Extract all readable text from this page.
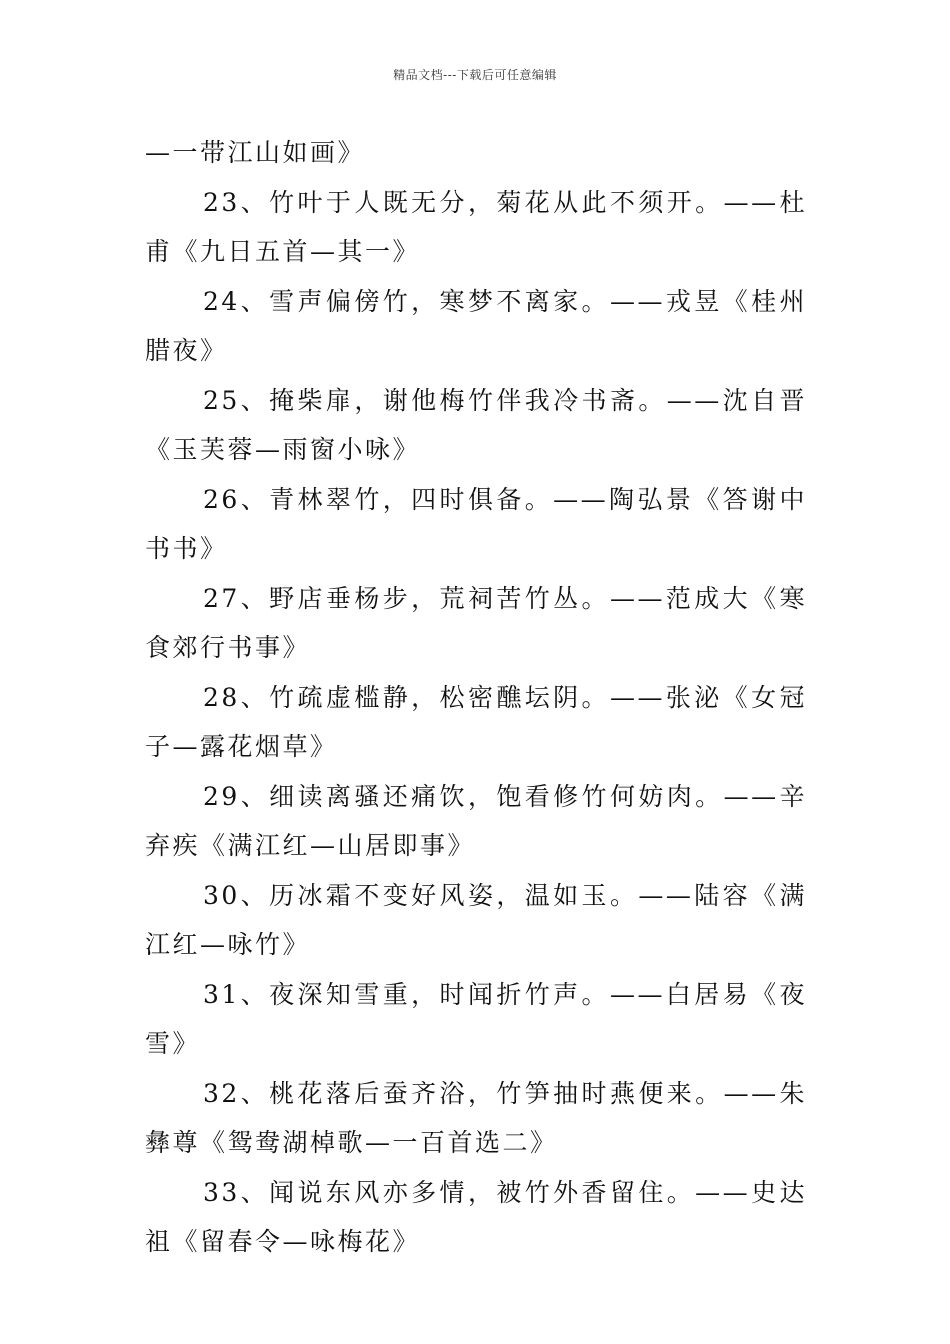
精品文档---下载后可任意编辑

—一带江山如画》

23、竹叶于人既无分，菊花从此不须开。——杜甫《九日五首—其一》

24、雪声偏傍竹，寒梦不离家。——戎昱《桂州腊夜》

25、掩柴扉，谢他梅竹伴我冷书斋。——沈自晋《玉芙蓉—雨窗小咏》

26、青林翠竹，四时俱备。——陶弘景《答谢中书书》

27、野店垂杨步，荒祠苦竹丛。——范成大《寒食郊行书事》

28、竹疏虚槛静，松密醮坛阴。——张泌《女冠子—露花烟草》

29、细读离骚还痛饮，饱看修竹何妨肉。——辛弃疾《满江红—山居即事》

30、历冰霜不变好风姿，温如玉。——陆容《满江红—咏竹》

31、夜深知雪重，时闻折竹声。——白居易《夜雪》

32、桃花落后蚕齐浴，竹笋抽时燕便来。——朱彝尊《鸳鸯湖棹歌—一百首选二》

33、闻说东风亦多情，被竹外香留住。——史达祖《留春令—咏梅花》
